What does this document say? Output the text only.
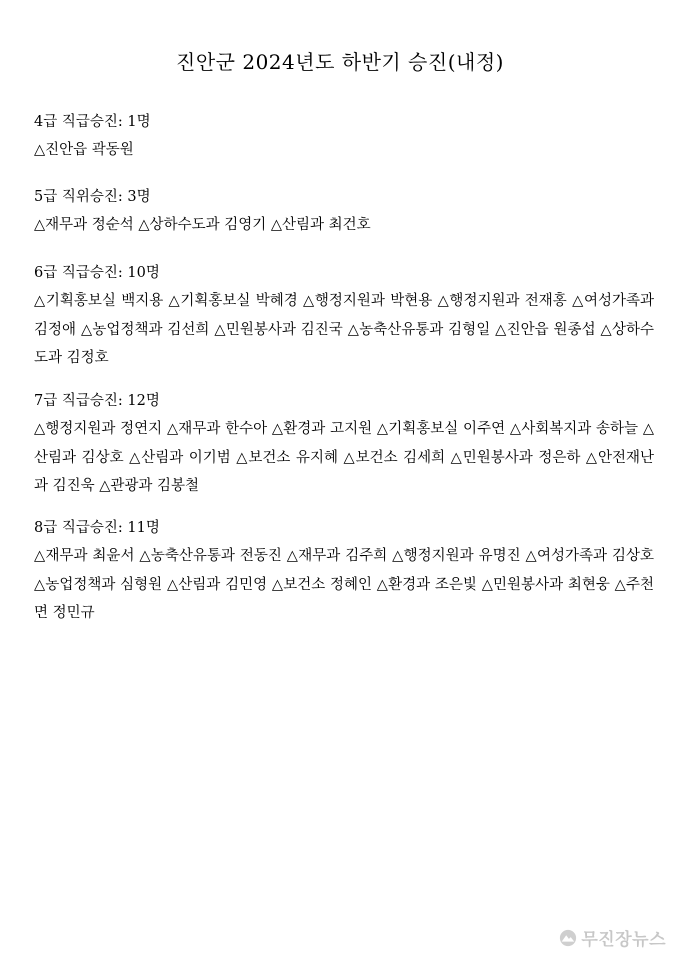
진안군 2024년도 하반기 승진(내정)
4급 직급승진: 1명
△진안읍 곽동원
5급 직위승진: 3명
△재무과 정순석 △상하수도과 김영기 △산림과 최건호
6급 직급승진: 10명
△기획홍보실 백지용 △기획홍보실 박혜경 △행정지원과 박현용 △행정지원과 전재홍 △여성가족과 김정애 △농업정책과 김선희 △민원봉사과 김진국 △농축산유통과 김형일 △진안읍 원종섭 △상하수도과 김정호
7급 직급승진: 12명
△행정지원과 정연지 △재무과 한수아 △환경과 고지원 △기획홍보실 이주연 △사회복지과 송하늘 △산림과 김상호 △산림과 이기범 △보건소 유지혜 △보건소 김세희 △민원봉사과 정은하 △안전재난과 김진욱 △관광과 김봉철
8급 직급승진: 11명
△재무과 최윤서 △농축산유통과 전동진 △재무과 김주희 △행정지원과 유명진 △여성가족과 김상호 △농업정책과 심형원 △산림과 김민영 △보건소 정혜인 △환경과 조은빛 △민원봉사과 최현웅 △주천면 정민규
무진장뉴스
